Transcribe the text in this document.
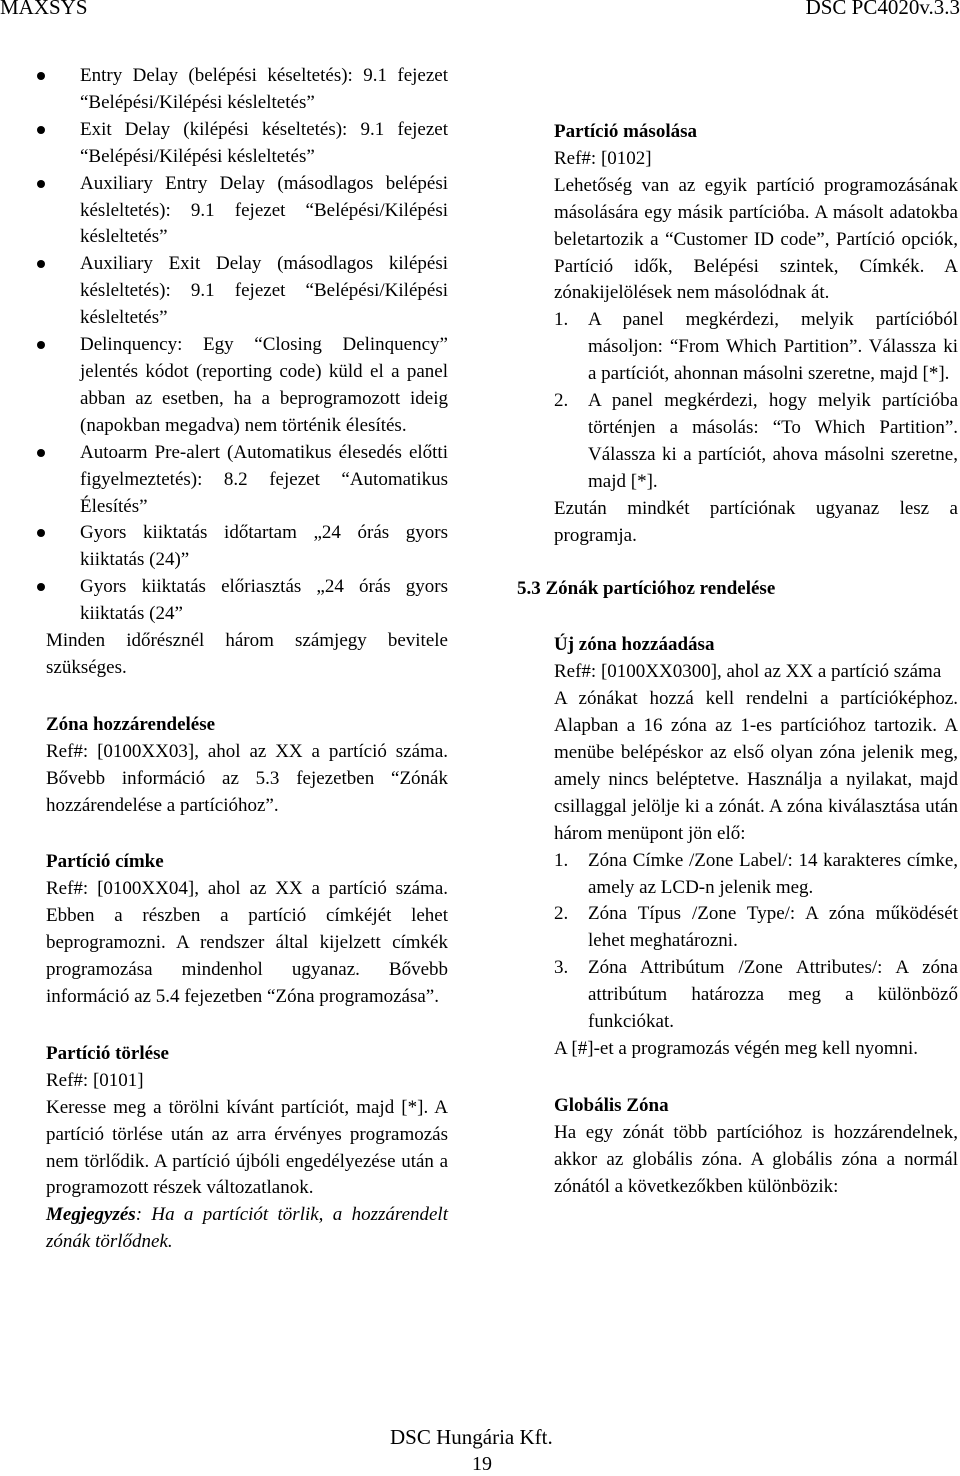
MAXSYS	DSC PC4020v.3.3
Entry Delay (belépési késeltetés): 9.1 fejezet “Belépési/Kilépési késleltetés”
Exit Delay (kilépési késeltetés): 9.1 fejezet “Belépési/Kilépési késleltetés”
Auxiliary Entry Delay (másodlagos belépési késleltetés): 9.1 fejezet “Belépési/Kilépési késleltetés”
Auxiliary Exit Delay (másodlagos kilépési késleltetés): 9.1 fejezet “Belépési/Kilépési késleltetés”
Delinquency: Egy “Closing Delinquency” jelentés kódot (reporting code) küld el a panel abban az esetben, ha a beprogramozott ideig (napokban megadva) nem történik élesítés.
Autoarm Pre-alert (Automatikus élesedés előtti figyelmeztetés): 8.2 fejezet “Automatikus Élesítés”
Gyors kiiktatás időtartam „24 órás gyors kiiktatás (24)”
Gyors kiiktatás előriasztás „24 órás gyors kiiktatás (24”

Minden időrésznél három számjegy bevitele szükséges.

Zóna hozzárendelése

Ref#: [0100XX03], ahol az XX a partíció száma. Bővebb információ az 5.3 fejezetben “Zónák hozzárendelése a partícióhoz”.

Partíció címke

Ref#: [0100XX04], ahol az XX a partíció száma. Ebben a részben a partíció címkéjét lehet beprogramozni. A rendszer által kijelzett címkék programozása mindenhol ugyanaz. Bővebb információ az 5.4 fejezetben “Zóna programozása”.

Partíció törlése

Ref#: [0101]

Keresse meg a törölni kívánt partíciót, majd [*]. A partíció törlése után az arra érvényes programozás nem törlődik. A partíció újbóli engedélyezése után a programozott részek változatlanok.

Megjegyzés: Ha a partíciót törlik, a hozzárendelt zónák törlődnek.

Partíció másolása

Ref#: [0102]

Lehetőség van az egyik partíció programozásának másolására egy másik partícióba. A másolt adatokba beletartozik a “Customer ID code”, Partíció opciók, Partíció idők, Belépési szintek, Címkék. A zónakijelölések nem másolódnak át.

1. A panel megkérdezi, melyik partícióból másoljon: “From Which Partition”. Válassza ki a partíciót, ahonnan másolni szeretne, majd [*].
2. A panel megkérdezi, hogy melyik partícióba történjen a másolás: “To Which Partition”. Válassza ki a partíciót, ahova másolni szeretne, majd [*].

Ezután mindkét partíciónak ugyanaz lesz a programja.

5.3 Zónák partícióhoz rendelése

Új zóna hozzáadása

Ref#: [0100XX0300], ahol az XX a partíció száma

A zónákat hozzá kell rendelni a partícióképhoz. Alapban a 16 zóna az 1-es partícióhoz tartozik. A menübe belépéskor az első olyan zóna jelenik meg, amely nincs beléptetve. Használja a nyilakat, majd csillaggal jelölje ki a zónát. A zóna kiválasztása után három menüpont jön elő:

1. Zóna Címke /Zone Label/: 14 karakteres címke, amely az LCD-n jelenik meg.
2. Zóna Típus /Zone Type/: A zóna működését lehet meghatározni.
3. Zóna Attribútum /Zone Attributes/: A zóna attribútum határozza meg a különböző funkciókat.

A [#]-et a programozás végén meg kell nyomni.

Globális Zóna

Ha egy zónát több partícióhoz is hozzárendelnek, akkor az globális zóna. A globális zóna a normál zónától a következőkben különbözik:

DSC Hungária Kft.
19
